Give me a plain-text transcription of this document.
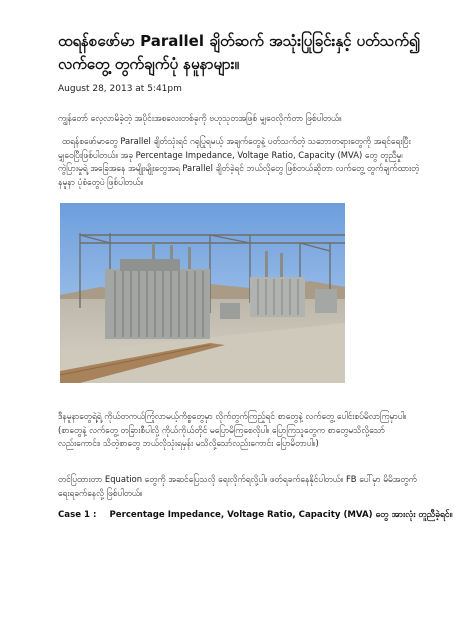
ထရန်စဖော်မာ Parallel ချိတ်ဆက် အသုံးပြုခြင်းနှင့် ပတ်သက်၍ လက်တွေ့ တွက်ချက်ပုံ နမူနာများ။
August 28, 2013 at 5:41pm

ကျွန်တော် လေ့လာမိခဲ့တဲ့ အပိုင်းအစလေးတစ်ခုကို ဗဟုသုတအဖြစ် မျှဝေလိုက်တာ ဖြစ်ပါတယ်။

ထရန်စဖော်မာတွေ Parallel ချိတ်သုံးရင် ဂရုပြုရမယ့် အချက်တွေနဲ့ ပတ်သက်တဲ့ သဘောတရားတွေကို အရင်ရေးပြီး မျှဝေပြီးဖြစ်ပါတယ်။ အခု Percentage Impedance, Voltage Ratio, Capacity (MVA) တွေ တူညီမှု၊ ကွဲပြားမှုရဲ့ အခြေအနေ အမျိုးမျိုးတွေအရ Parallel ချိတ်ခဲ့ရင် ဘယ်လိုတွေ ဖြစ်တယ်ဆိုတာ လက်တွေ့ တွက်ချက်ထားတဲ့ နမူနာ ပုံစံတွေပဲ ဖြစ်ပါတယ်။

ဒီနမူနာတွေရဲ့ရဲ့ ကိုယ်တကယ်ကြုံလာမယ့်ကိစ္စတွေမှာ လိုက်တွက်ကြည့်ရင် စာတွေနဲ့ လက်တွေ့ ပေါင်းစပ်မိလာကြမှာပါ။ (စာတွေနဲ့ လက်တွေ့ တခြားစီပါလို့ ကိုယ်ကိုယ်တိုင် မပြောမိကြစေလိုပါ။ ပြောကြသူတွေက စာတွေမသိလို့သော် လည်းကောင်း၊ သိတဲ့စာတွေ ဘယ်လိုသုံးရမှန်း မသိလို့သော်လည်းကောင်း ပြောမိတာပါ။)

တင်ပြထားတာ Equation တွေကို အဆင်ပြေသလို ရေးလိုက်ရလို့ပါ။ ဖတ်ရခက်နေနိုင်ပါတယ်။ FB ပေါ်မှာ မိမိအတွက် ရေးရခက်နေလို့ ဖြစ်ပါတယ်။

Case 1 : Percentage Impedance, Voltage Ratio, Capacity (MVA) တွေ အားလုံး တူညီခဲ့ရင်။
